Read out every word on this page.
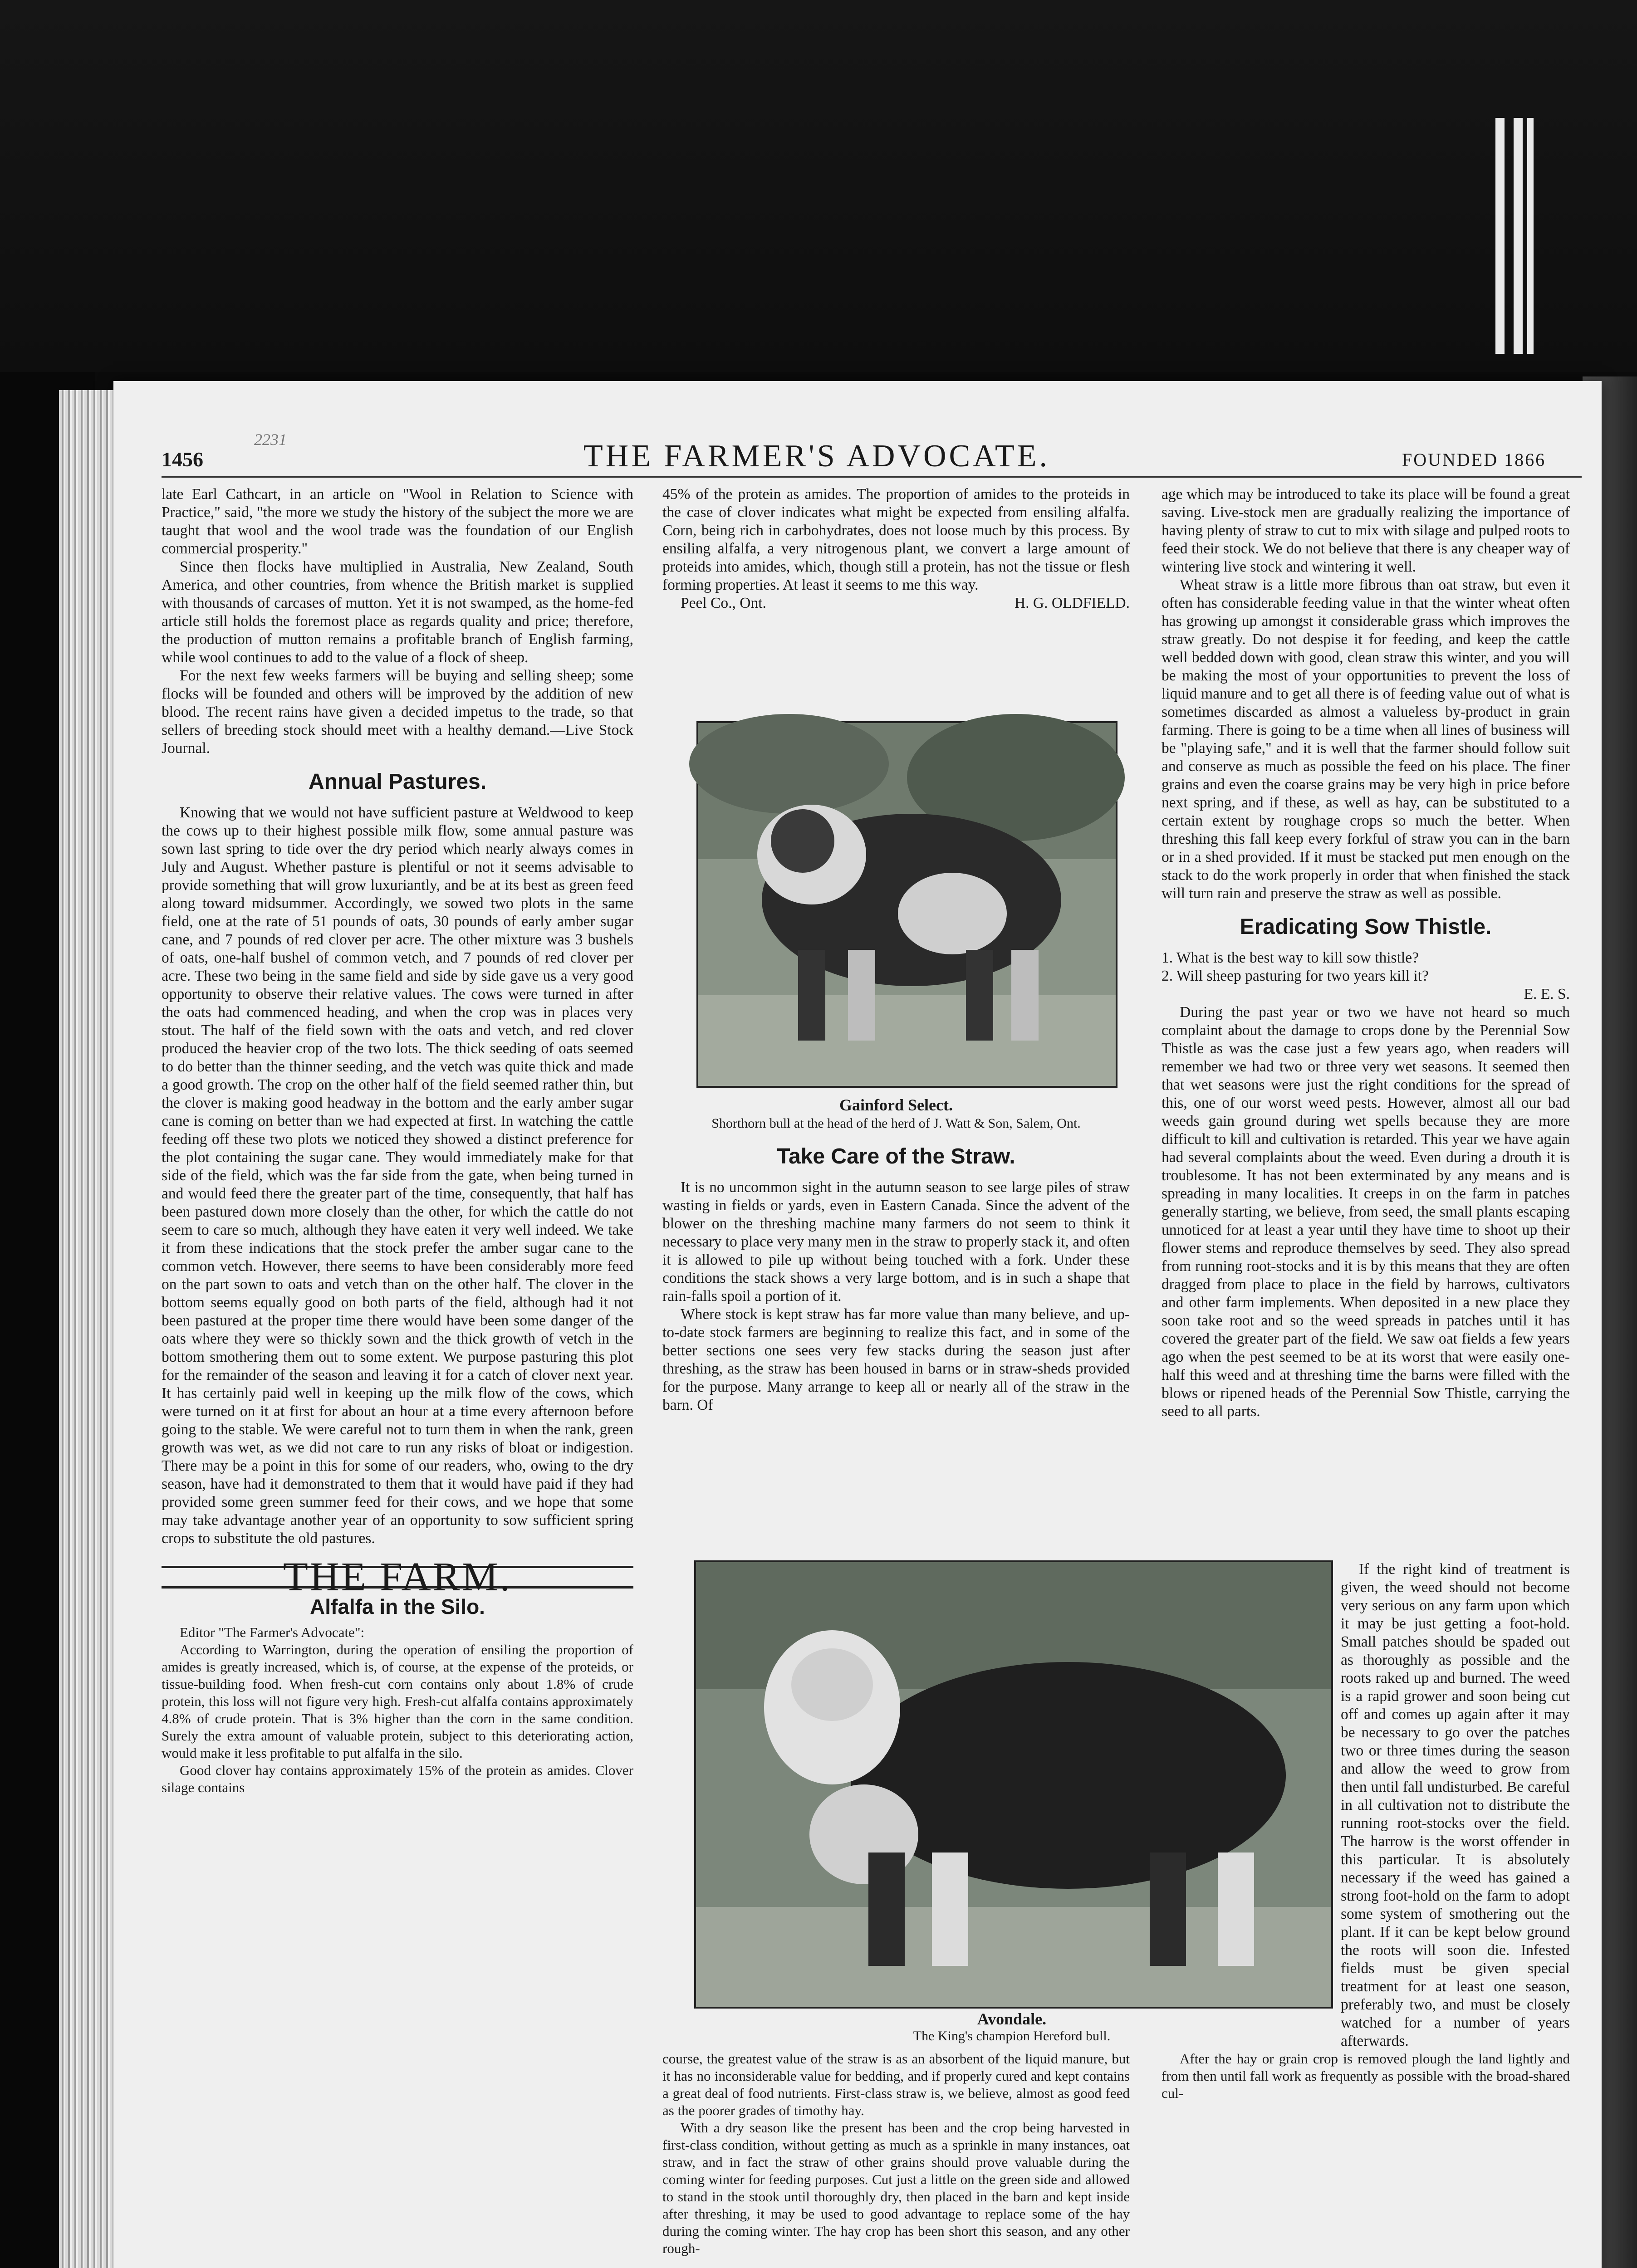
2231
1456	THE FARMER'S ADVOCATE.	FOUNDED 1866

late Earl Cathcart, in an article on "Wool in Relation to Science with Practice," said, "the more we study the history of the subject the more we are taught that wool and the wool trade was the foundation of our English commercial prosperity."

Since then flocks have multiplied in Australia, New Zealand, South America, and other countries, from whence the British market is supplied with thousands of carcases of mutton. Yet it is not swamped, as the home-fed article still holds the foremost place as regards quality and price; therefore, the production of mutton remains a profitable branch of English farming, while wool continues to add to the value of a flock of sheep.

For the next few weeks farmers will be buying and selling sheep; some flocks will be founded and others will be improved by the addition of new blood. The recent rains have given a decided impetus to the trade, so that sellers of breeding stock should meet with a healthy demand.—Live Stock Journal.

Annual Pastures.

Knowing that we would not have sufficient pasture at Weldwood to keep the cows up to their highest possible milk flow, some annual pasture was sown last spring to tide over the dry period which nearly always comes in July and August. Whether pasture is plentiful or not it seems advisable to provide something that will grow luxuriantly, and be at its best as green feed along toward midsummer. Accordingly, we sowed two plots in the same field, one at the rate of 51 pounds of oats, 30 pounds of early amber sugar cane, and 7 pounds of red clover per acre. The other mixture was 3 bushels of oats, one-half bushel of common vetch, and 7 pounds of red clover per acre. These two being in the same field and side by side gave us a very good opportunity to observe their relative values. The cows were turned in after the oats had commenced heading, and when the crop was in places very stout. The half of the field sown with the oats and vetch, and red clover produced the heavier crop of the two lots. The thick seeding of oats seemed to do better than the thinner seeding, and the vetch was quite thick and made a good growth. The crop on the other half of the field seemed rather thin, but the clover is making good headway in the bottom and the early amber sugar cane is coming on better than we had expected at first. In watching the cattle feeding off these two plots we noticed they showed a distinct preference for the plot containing the sugar cane. They would immediately make for that side of the field, which was the far side from the gate, when being turned in and would feed there the greater part of the time, consequently, that half has been pastured down more closely than the other, for which the cattle do not seem to care so much, although they have eaten it very well indeed. We take it from these indications that the stock prefer the amber sugar cane to the common vetch. However, there seems to have been considerably more feed on the part sown to oats and vetch than on the other half. The clover in the bottom seems equally good on both parts of the field, although had it not been pastured at the proper time there would have been some danger of the oats where they were so thickly sown and the thick growth of vetch in the bottom smothering them out to some extent. We purpose pasturing this plot for the remainder of the season and leaving it for a catch of clover next year. It has certainly paid well in keeping up the milk flow of the cows, which were turned on it at first for about an hour at a time every afternoon before going to the stable. We were careful not to turn them in when the rank, green growth was wet, as we did not care to run any risks of bloat or indigestion. There may be a point in this for some of our readers, who, owing to the dry season, have had it demonstrated to them that it would have paid if they had provided some green summer feed for their cows, and we hope that some may take advantage another year of an opportunity to sow sufficient spring crops to substitute the old pastures.

THE FARM.
Alfalfa in the Silo.

Editor "The Farmer's Advocate":

According to Warrington, during the operation of ensiling the proportion of amides is greatly increased, which is, of course, at the expense of the proteids, or tissue-building food. When fresh-cut corn contains only about 1.8% of crude protein, this loss will not figure very high. Fresh-cut alfalfa contains approximately 4.8% of crude protein. That is 3% higher than the corn in the same condition. Surely the extra amount of valuable protein, subject to this deteriorating action, would make it less profitable to put alfalfa in the silo.

Good clover hay contains approximately 15% of the protein as amides. Clover silage contains

45% of the protein as amides. The proportion of amides to the proteids in the case of clover indicates what might be expected from ensiling alfalfa. Corn, being rich in carbohydrates, does not loose much by this process. By ensiling alfalfa, a very nitrogenous plant, we convert a large amount of proteids into amides, which, though still a protein, has not the tissue or flesh forming properties. At least it seems to me this way.

Peel Co., Ont.	H. G. OLDFIELD.

Gainford Select.
Shorthorn bull at the head of the herd of J. Watt & Son, Salem, Ont.
Take Care of the Straw.

It is no uncommon sight in the autumn season to see large piles of straw wasting in fields or yards, even in Eastern Canada. Since the advent of the blower on the threshing machine many farmers do not seem to think it necessary to place very many men in the straw to properly stack it, and often it is allowed to pile up without being touched with a fork. Under these conditions the stack shows a very large bottom, and is in such a shape that rain-falls spoil a portion of it.

Where stock is kept straw has far more value than many believe, and up-to-date stock farmers are beginning to realize this fact, and in some of the better sections one sees very few stacks during the season just after threshing, as the straw has been housed in barns or in straw-sheds provided for the purpose. Many arrange to keep all or nearly all of the straw in the barn. Of

Avondale.
The King's champion Hereford bull.

course, the greatest value of the straw is as an absorbent of the liquid manure, but it has no inconsiderable value for bedding, and if properly cured and kept contains a great deal of food nutrients. First-class straw is, we believe, almost as good feed as the poorer grades of timothy hay.

With a dry season like the present has been and the crop being harvested in first-class condition, without getting as much as a sprinkle in many instances, oat straw, and in fact the straw of other grains should prove valuable during the coming winter for feeding purposes. Cut just a little on the green side and allowed to stand in the stook until thoroughly dry, then placed in the barn and kept inside after threshing, it may be used to good advantage to replace some of the hay during the coming winter. The hay crop has been short this season, and any other rough-

age which may be introduced to take its place will be found a great saving. Live-stock men are gradually realizing the importance of having plenty of straw to cut to mix with silage and pulped roots to feed their stock. We do not believe that there is any cheaper way of wintering live stock and wintering it well.

Wheat straw is a little more fibrous than oat straw, but even it often has considerable feeding value in that the winter wheat often has growing up amongst it considerable grass which improves the straw greatly. Do not despise it for feeding, and keep the cattle well bedded down with good, clean straw this winter, and you will be making the most of your opportunities to prevent the loss of liquid manure and to get all there is of feeding value out of what is sometimes discarded as almost a valueless by-product in grain farming. There is going to be a time when all lines of business will be "playing safe," and it is well that the farmer should follow suit and conserve as much as possible the feed on his place. The finer grains and even the coarse grains may be very high in price before next spring, and if these, as well as hay, can be substituted to a certain extent by roughage crops so much the better. When threshing this fall keep every forkful of straw you can in the barn or in a shed provided. If it must be stacked put men enough on the stack to do the work properly in order that when finished the stack will turn rain and preserve the straw as well as possible.

Eradicating Sow Thistle.

1. What is the best way to kill sow thistle?

2. Will sheep pasturing for two years kill it?

E. E. S.

During the past year or two we have not heard so much complaint about the damage to crops done by the Perennial Sow Thistle as was the case just a few years ago, when readers will remember we had two or three very wet seasons. It seemed then that wet seasons were just the right conditions for the spread of this, one of our worst weed pests. However, almost all our bad weeds gain ground during wet spells because they are more difficult to kill and cultivation is retarded. This year we have again had several complaints about the weed. Even during a drouth it is troublesome. It has not been exterminated by any means and is spreading in many localities. It creeps in on the farm in patches generally starting, we believe, from seed, the small plants escaping unnoticed for at least a year until they have time to shoot up their flower stems and reproduce themselves by seed. They also spread from running root-stocks and it is by this means that they are often dragged from place to place in the field by harrows, cultivators and other farm implements. When deposited in a new place they soon take root and so the weed spreads in patches until it has covered the greater part of the field. We saw oat fields a few years ago when the pest seemed to be at its worst that were easily one-half this weed and at threshing time the barns were filled with the blows or ripened heads of the Perennial Sow Thistle, carrying the seed to all parts.

If the right kind of treatment is given, the weed should not become very serious on any farm upon which it may be just getting a foot-hold. Small patches should be spaded out as thoroughly as possible and the roots raked up and burned. The weed is a rapid grower and soon being cut off and comes up again after it may be necessary to go over the patches two or three times during the season and allow the weed to grow from then until fall undisturbed. Be careful in all cultivation not to distribute the running root-stocks over the field. The harrow is the worst offender in this particular. It is absolutely necessary if the weed has gained a strong foot-hold on the farm to adopt some system of smothering out the plant. If it can be kept below ground the roots will soon die. Infested fields must be given special treatment for at least one season, preferably two, and must be closely watched for a number of years afterwards.

After the hay or grain crop is removed plough the land lightly and from then until fall work as frequently as possible with the broad-shared cul-
